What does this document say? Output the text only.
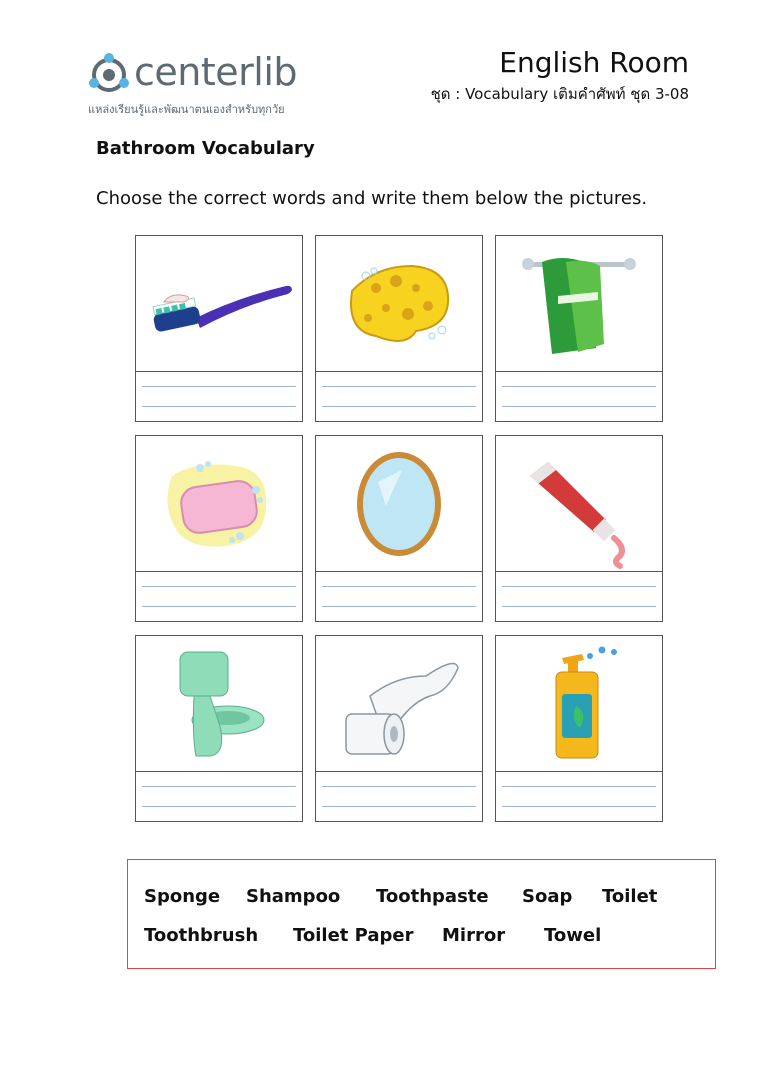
centerlib
แหล่งเรียนรู้และพัฒนาตนเองสำหรับทุกวัย
English Room
ชุด : Vocabulary เติมคำศัพท์ ชุด 3-08
Bathroom Vocabulary
Choose the correct words and write them below the pictures.
Sponge Shampoo Toothpaste Soap Toilet
Toothbrush Toilet Paper Mirror Towel
